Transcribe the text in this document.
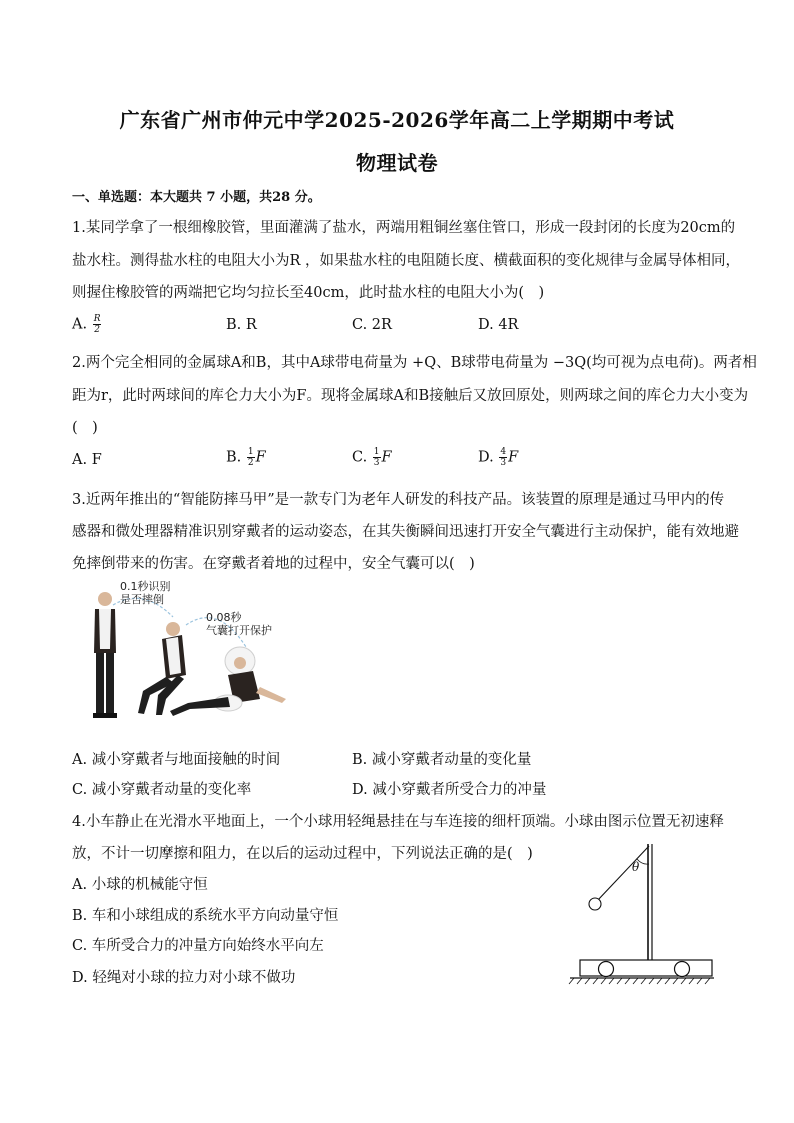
广东省广州市仲元中学2025-2026学年高二上学期期中考试
物理试卷
一、单选题：本大题共 7 小题，共28 分。
1.某同学拿了一根细橡胶管，里面灌满了盐水，两端用粗铜丝塞住管口，形成一段封闭的长度为20cm的
盐水柱。测得盐水柱的电阻大小为R ，如果盐水柱的电阻随长度、横截面积的变化规律与金属导体相同，
则握住橡胶管的两端把它均匀拉长至40cm，此时盐水柱的电阻大小为(　)
A. $\frac{R}{2}$	B. R	C. 2R	D. 4R
2.两个完全相同的金属球A和B，其中A球带电荷量为 +Q、B球带电荷量为 −3Q(均可视为点电荷)。两者相
距为r，此时两球间的库仑力大小为F。现将金属球A和B接触后又放回原处，则两球之间的库仑力大小变为
(　)
A. F	B. $\frac{1}{2}$ F	C. $\frac{1}{3}$ F	D. $\frac{4}{3}$ F
3.近两年推出的“智能防摔马甲”是一款专门为老年人研发的科技产品。该装置的原理是通过马甲内的传
感器和微处理器精准识别穿戴者的运动姿态，在其失衡瞬间迅速打开安全气囊进行主动保护，能有效地避
免摔倒带来的伤害。在穿戴者着地的过程中，安全气囊可以(　)
0.1秒识别
是否摔倒
0.08秒
气囊打开保护
A. 减小穿戴者与地面接触的时间	B. 减小穿戴者动量的变化量
C. 减小穿戴者动量的变化率	D. 减小穿戴者所受合力的冲量
4.小车静止在光滑水平地面上，一个小球用轻绳悬挂在与车连接的细杆顶端。小球由图示位置无初速释
放，不计一切摩擦和阻力，在以后的运动过程中，下列说法正确的是(　)
A. 小球的机械能守恒
B. 车和小球组成的系统水平方向动量守恒
C. 车所受合力的冲量方向始终水平向左
D. 轻绳对小球的拉力对小球不做功
θ
